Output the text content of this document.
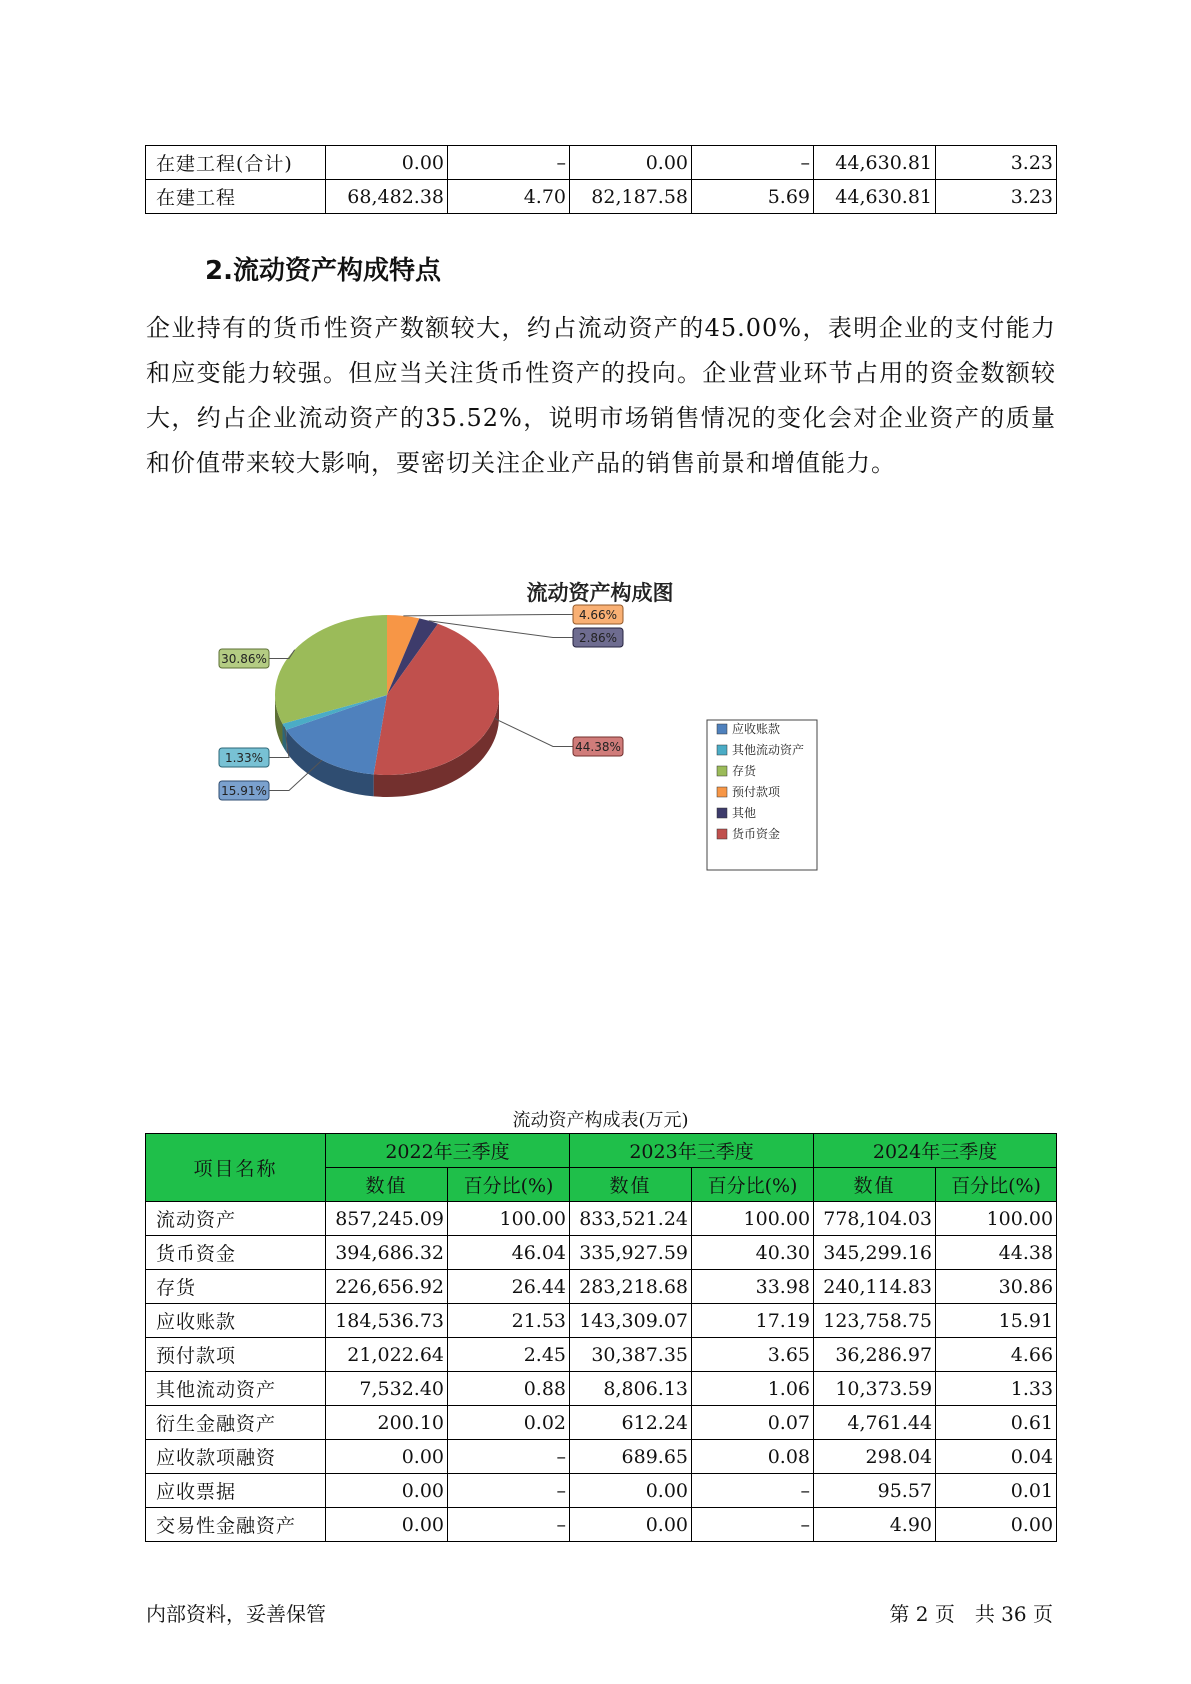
在建工程(合计)	0.00	–	0.00	–	44,630.81	3.23
在建工程	68,482.38	4.70	82,187.58	5.69	44,630.81	3.23
2.流动资产构成特点
企业持有的货币性资产数额较大，约占流动资产的45.00%，表明企业的支付能力和应变能力较强。但应当关注货币性资产的投向。企业营业环节占用的资金数额较大，约占企业流动资产的35.52%，说明市场销售情况的变化会对企业资产的质量和价值带来较大影响，要密切关注企业产品的销售前景和增值能力。
流动资产构成图
4.66%
2.86%
44.38%
15.91%
1.33%
30.86%
应收账款
其他流动资产
存货
预付款项
其他
货币资金
流动资产构成表(万元)
项目名称	2022年三季度		2023年三季度		2024年三季度	
	数值	百分比(%)	数值	百分比(%)	数值	百分比(%)
流动资产	857,245.09	100.00	833,521.24	100.00	778,104.03	100.00
货币资金	394,686.32	46.04	335,927.59	40.30	345,299.16	44.38
存货	226,656.92	26.44	283,218.68	33.98	240,114.83	30.86
应收账款	184,536.73	21.53	143,309.07	17.19	123,758.75	15.91
预付款项	21,022.64	2.45	30,387.35	3.65	36,286.97	4.66
其他流动资产	7,532.40	0.88	8,806.13	1.06	10,373.59	1.33
衍生金融资产	200.10	0.02	612.24	0.07	4,761.44	0.61
应收款项融资	0.00	–	689.65	0.08	298.04	0.04
应收票据	0.00	–	0.00	–	95.57	0.01
交易性金融资产	0.00	–	0.00	–	4.90	0.00
内部资料，妥善保管	第 2 页　共 36 页
